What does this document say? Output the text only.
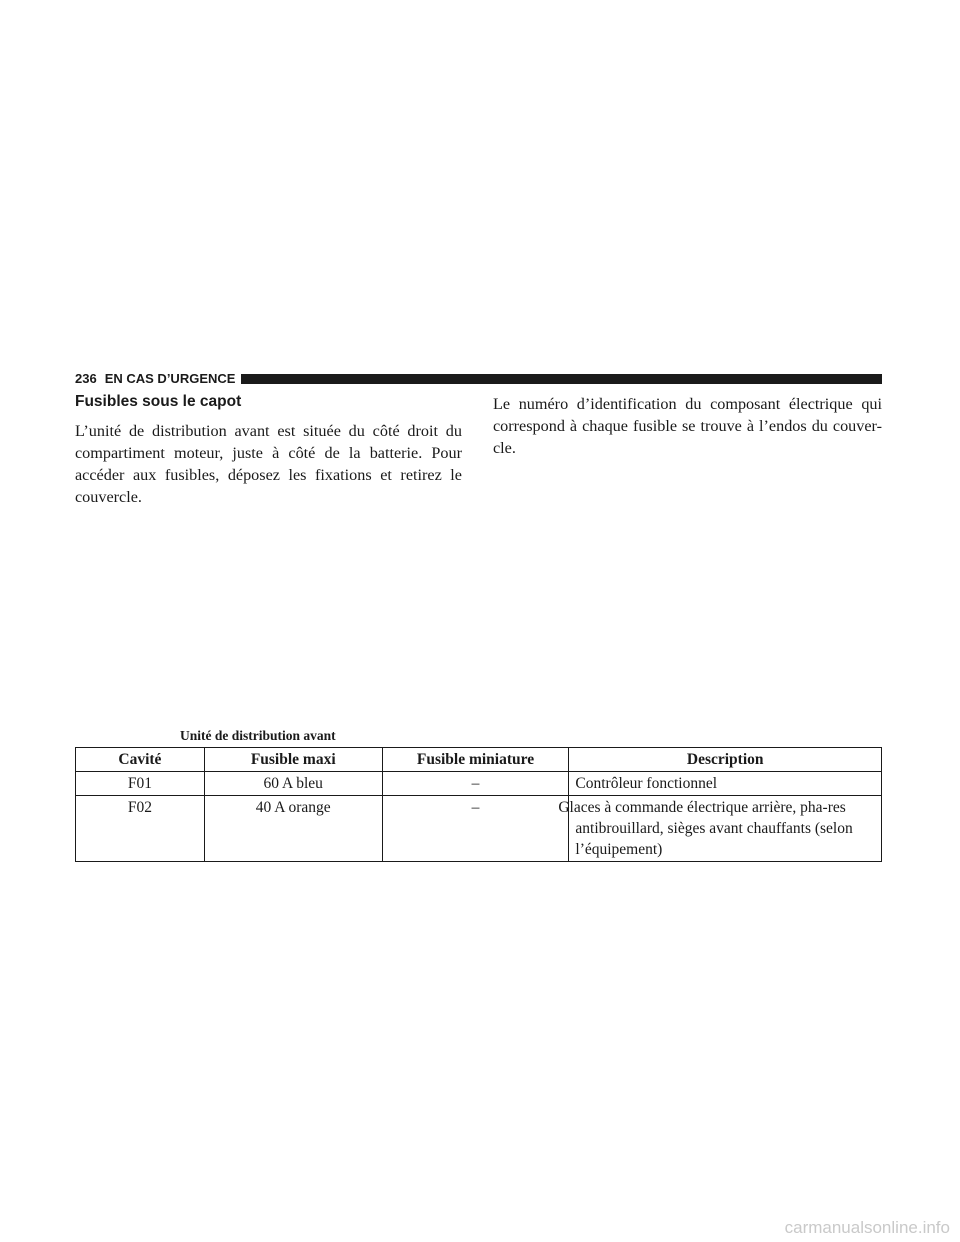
236 EN CAS D’URGENCE
Fusibles sous le capot

L’unité de distribution avant est située du côté droit du compartiment moteur, juste à côté de la batterie. Pour accéder aux fusibles, déposez les fixations et retirez le couvercle.

Le numéro d’identification du composant électrique qui correspond à chaque fusible se trouve à l’endos du couver-cle.

Unité de distribution avant
Cavité	Fusible maxi	Fusible miniature	Description
F01	60 A bleu	–	Contrôleur fonctionnel
F02	40 A orange	–	Glaces à commande électrique arrière, pha-res antibrouillard, sièges avant chauffants (selon l’équipement)
carmanualsonline.info
